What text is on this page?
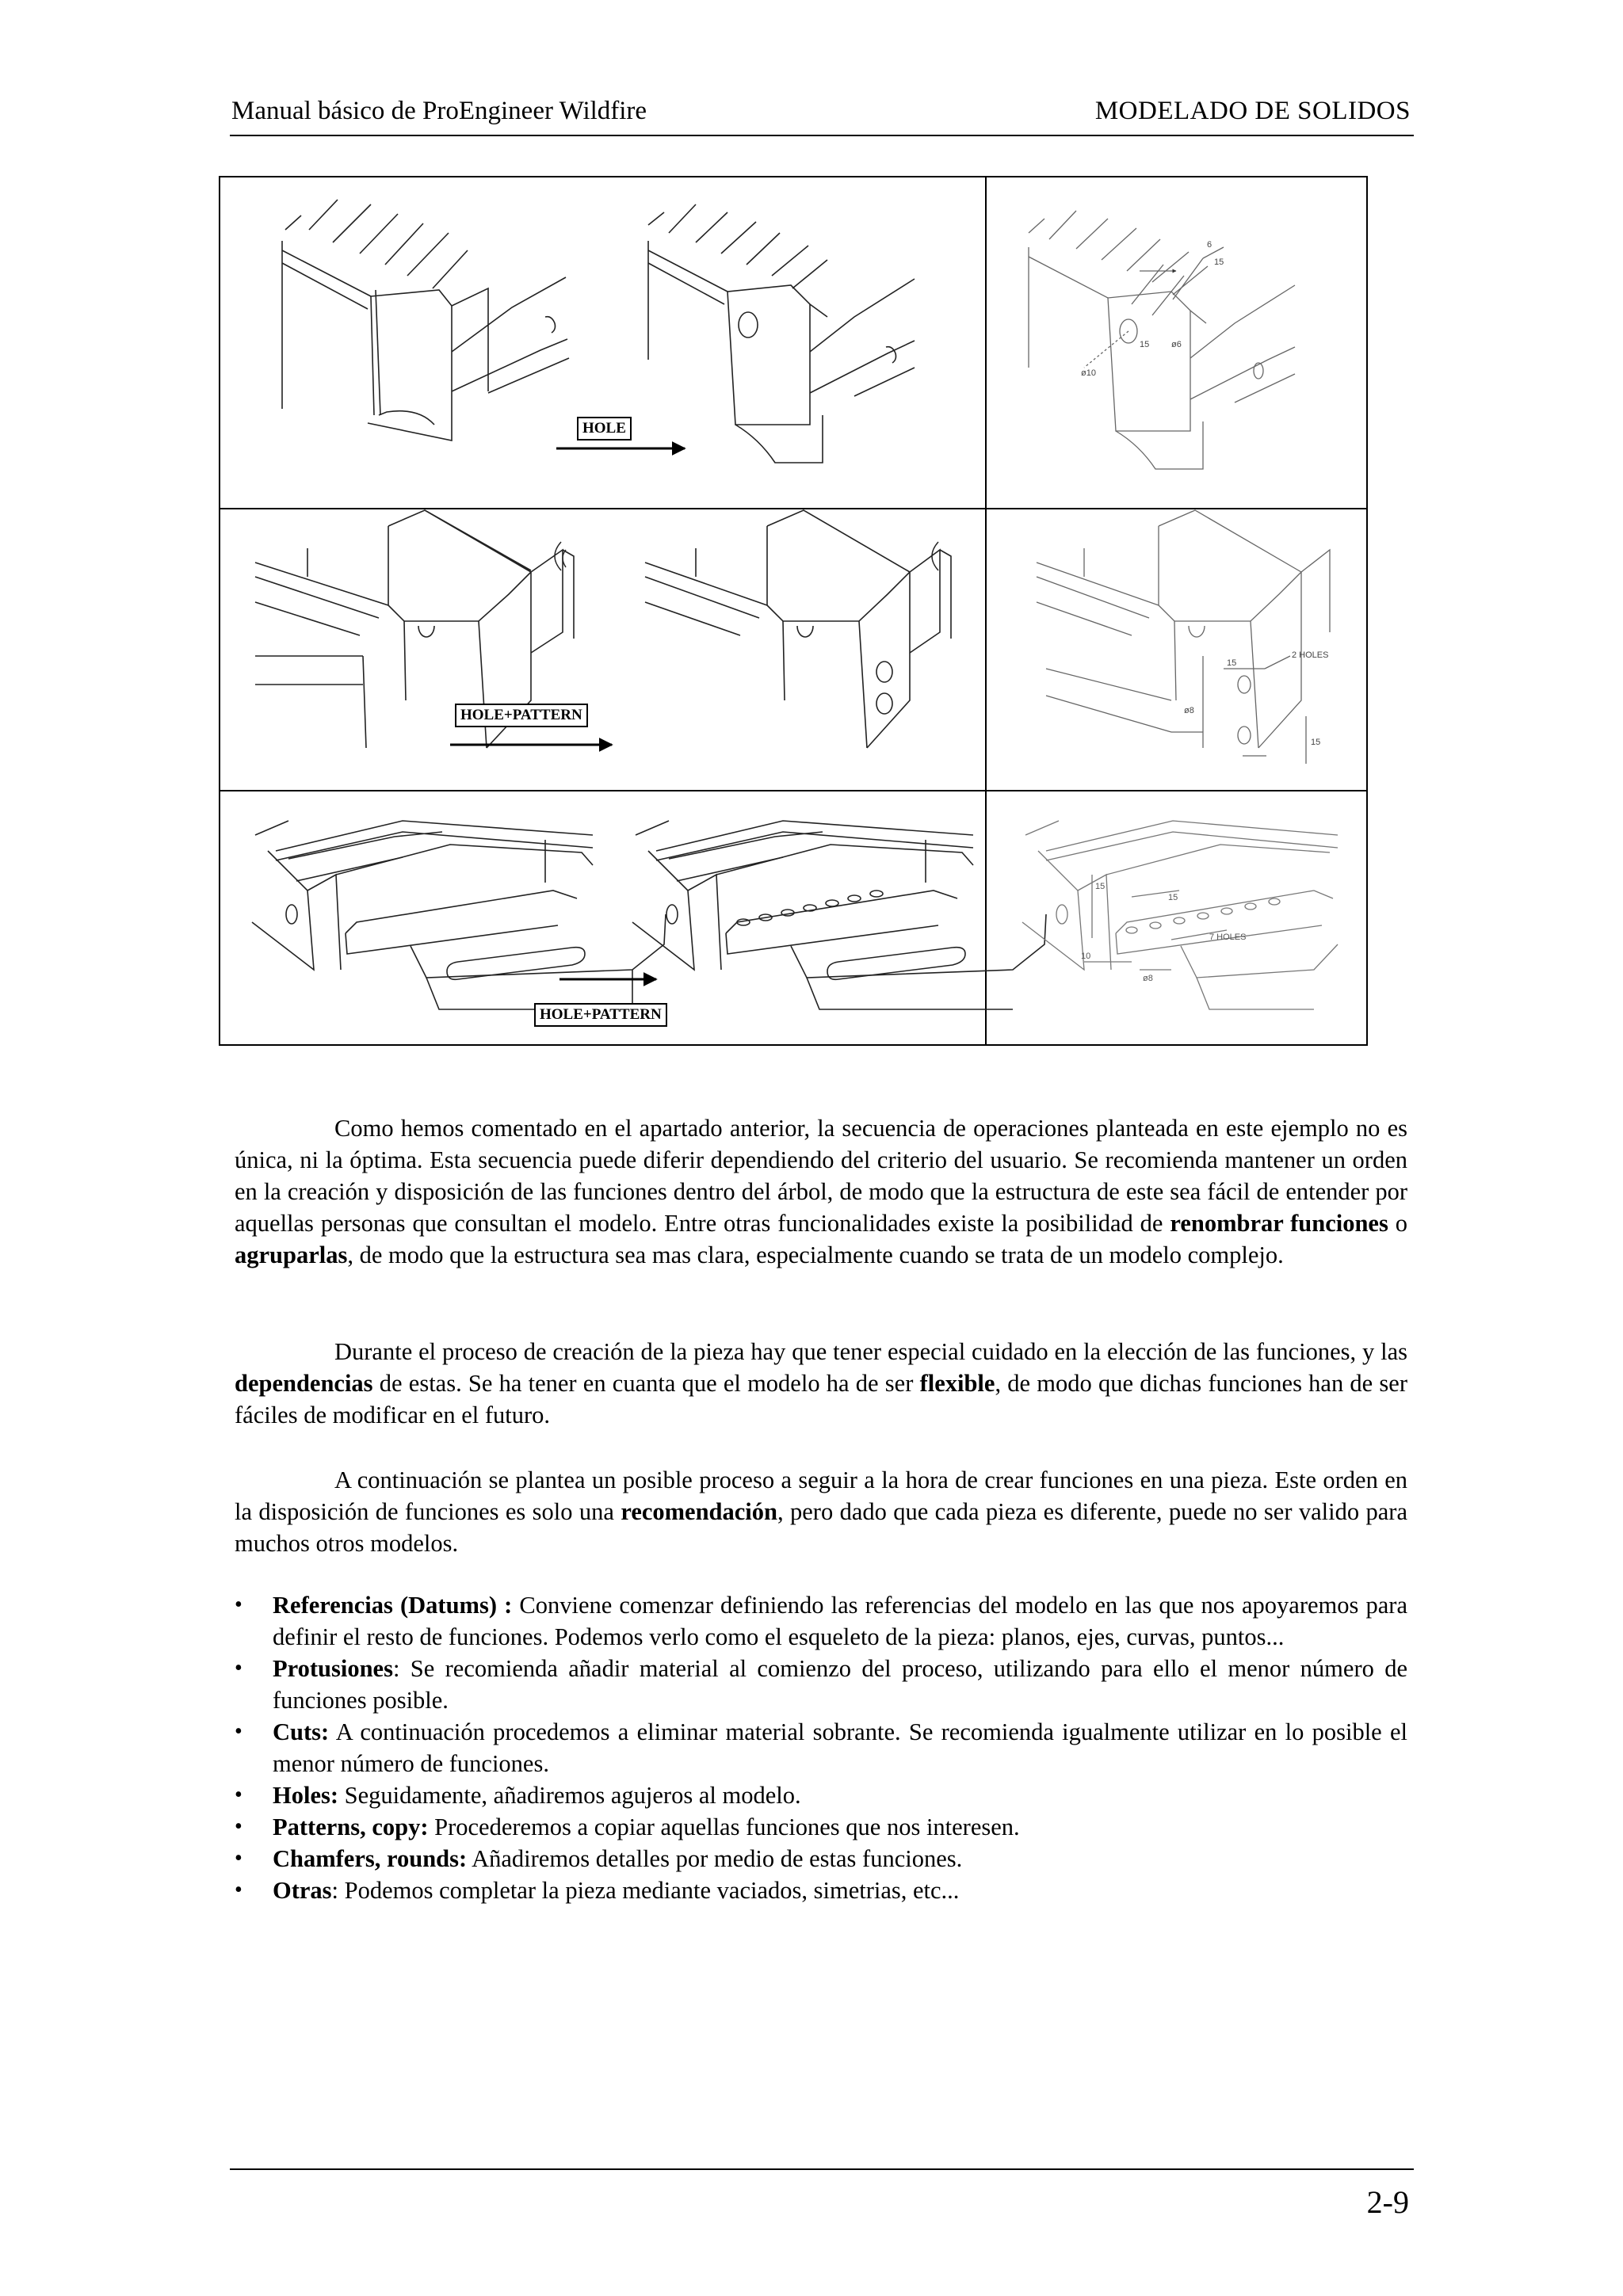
Manual básico de ProEngineer Wildfire	MODELADO DE SOLIDOS
6
15
15
ø10
ø6
2 HOLES
15
ø8
15
15
15
7 HOLES
10
ø8
HOLE
HOLE+PATTERN
HOLE+PATTERN

Como hemos comentado en el apartado anterior, la secuencia de operaciones planteada en este ejemplo no es única, ni la óptima. Esta secuencia puede diferir dependiendo del criterio del usuario. Se recomienda mantener un orden en la creación y disposición de las funciones dentro del árbol, de modo que la estructura de este sea fácil de entender por aquellas personas que consultan el modelo. Entre otras funcionalidades existe la posibilidad de renombrar funciones o agruparlas, de modo que la estructura sea mas clara, especialmente cuando se trata de un modelo complejo.

Durante el proceso de creación de la pieza hay que tener especial cuidado en la elección de las funciones, y las dependencias de estas. Se ha tener en cuanta que el modelo ha de ser flexible, de modo que dichas funciones han de ser fáciles de modificar en el futuro.

A continuación se plantea un posible proceso a seguir a la hora de crear funciones en una pieza. Este orden en la disposición de funciones es solo una recomendación, pero dado que cada pieza es diferente, puede no ser valido para muchos otros modelos.

• Referencias (Datums) : Conviene comenzar definiendo las referencias del modelo en las que nos apoyaremos para definir el resto de funciones. Podemos verlo como el esqueleto de la pieza: planos, ejes, curvas, puntos...
• Protusiones: Se recomienda añadir material al comienzo del proceso, utilizando para ello el menor número de funciones posible.
• Cuts: A continuación procedemos a eliminar material sobrante. Se recomienda igualmente utilizar en lo posible el menor número de funciones.
• Holes: Seguidamente, añadiremos agujeros al modelo.
• Patterns, copy: Procederemos a copiar aquellas funciones que nos interesen.
• Chamfers, rounds: Añadiremos detalles por medio de estas funciones.
• Otras: Podemos completar la pieza mediante vaciados, simetrias, etc...
2-9
